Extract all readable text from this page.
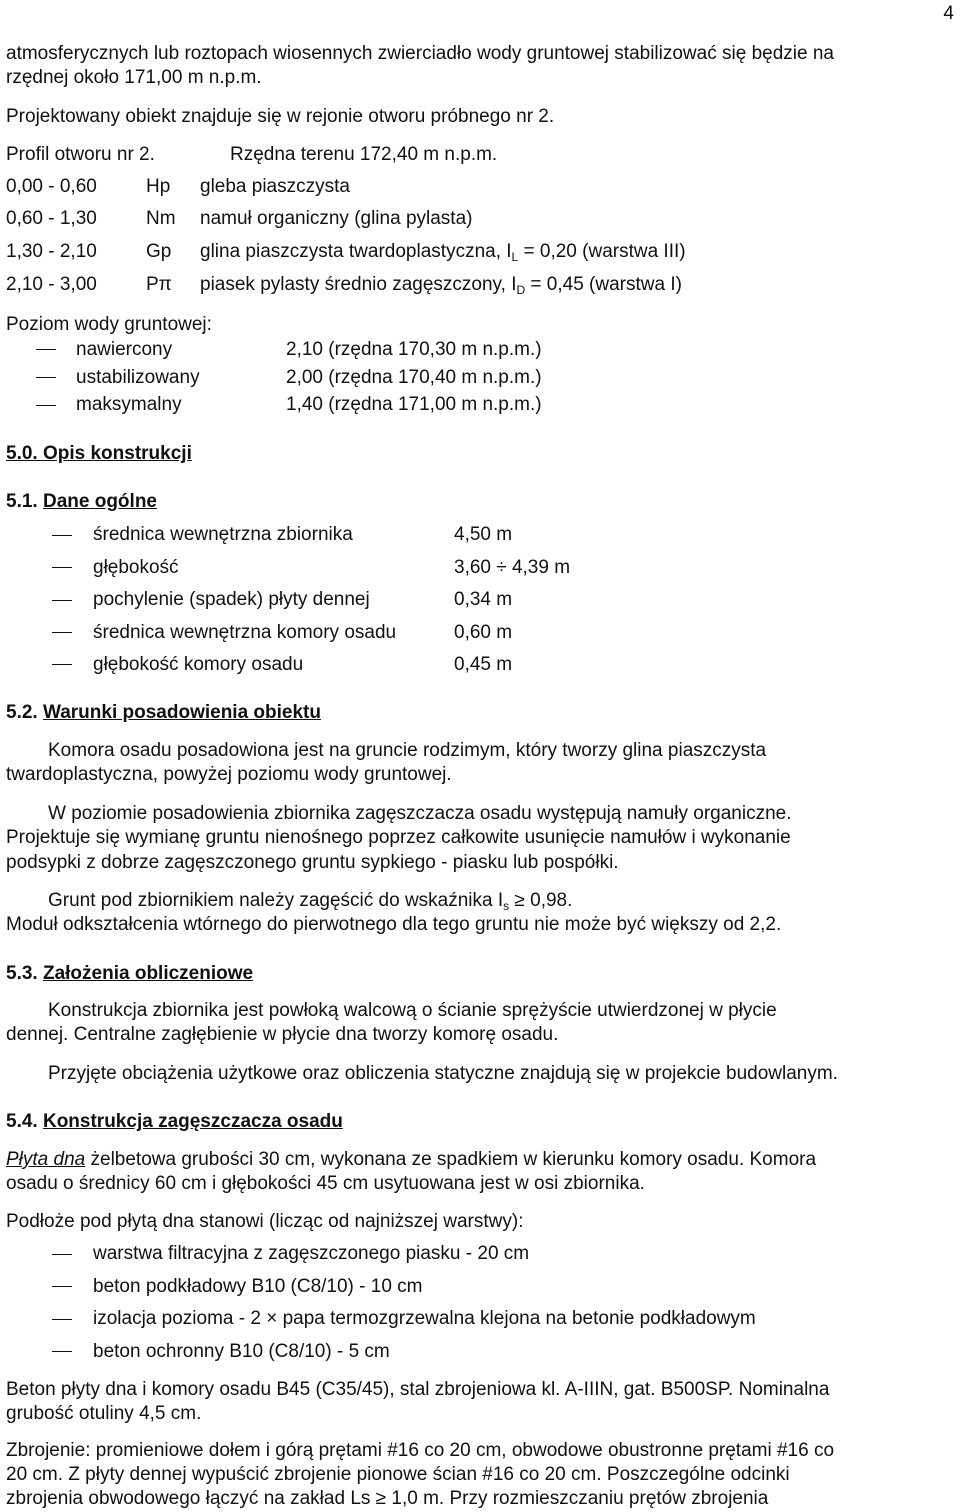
4
atmosferycznych lub roztopach wiosennych zwierciadło wody gruntowej stabilizować się będzie na
rzędnej około 171,00 m n.p.m.
Projektowany obiekt znajduje się w rejonie otworu próbnego nr 2.
Profil otworu nr 2.	Rzędna terenu 172,40 m n.p.m.
0,00 - 0,60	Hp gleba piaszczysta
0,60 - 1,30	Nm namuł organiczny (glina pylasta)
1,30 - 2,10	Gp glina piaszczysta twardoplastyczna, $I_L = 0,20$ (warstwa III)
2,10 - 3,00	Pπ piasek pylasty średnio zagęszczony, $I_D = 0,45$ (warstwa I)
Poziom wody gruntowej:
nawiercony	2,10 (rzędna 170,30 m n.p.m.)
ustabilizowany	2,00 (rzędna 170,40 m n.p.m.)
maksymalny	1,40 (rzędna 171,00 m n.p.m.)
5.0. Opis konstrukcji
5.1. Dane ogólne
średnica wewnętrzna zbiornika	4,50 m
głębokość	3,60 ÷ 4,39 m
pochylenie (spadek) płyty dennej	0,34 m
średnica wewnętrzna komory osadu	0,60 m
głębokość komory osadu	0,45 m
5.2. Warunki posadowienia obiektu
Komora osadu posadowiona jest na gruncie rodzimym, który tworzy glina piaszczysta
twardoplastyczna, powyżej poziomu wody gruntowej.
W poziomie posadowienia zbiornika zagęszczacza osadu występują namuły organiczne.
Projektuje się wymianę gruntu nienośnego poprzez całkowite usunięcie namułów i wykonanie
podsypki z dobrze zagęszczonego gruntu sypkiego - piasku lub pospółki.
Grunt pod zbiornikiem należy zagęścić do wskaźnika $I_s \ge 0,98$.
Moduł odkształcenia wtórnego do pierwotnego dla tego gruntu nie może być większy od 2,2.
5.3. Założenia obliczeniowe
Konstrukcja zbiornika jest powłoką walcową o ścianie sprężyście utwierdzonej w płycie
dennej. Centralne zagłębienie w płycie dna tworzy komorę osadu.
Przyjęte obciążenia użytkowe oraz obliczenia statyczne znajdują się w projekcie budowlanym.
5.4. Konstrukcja zagęszczacza osadu
Płyta dna żelbetowa grubości 30 cm, wykonana ze spadkiem w kierunku komory osadu. Komora
osadu o średnicy 60 cm i głębokości 45 cm usytuowana jest w osi zbiornika.
Podłoże pod płytą dna stanowi (licząc od najniższej warstwy):
warstwa filtracyjna z zagęszczonego piasku - 20 cm
beton podkładowy B10 (C8/10) - 10 cm
izolacja pozioma - 2 × papa termozgrzewalna klejona na betonie podkładowym
beton ochronny B10 (C8/10) - 5 cm
Beton płyty dna i komory osadu B45 (C35/45), stal zbrojeniowa kl. A-IIIN, gat. B500SP. Nominalna
grubość otuliny 4,5 cm.
Zbrojenie: promieniowe dołem i górą prętami #16 co 20 cm, obwodowe obustronne prętami #16 co
20 cm. Z płyty dennej wypuścić zbrojenie pionowe ścian #16 co 20 cm. Poszczególne odcinki
zbrojenia obwodowego łączyć na zakład Ls ≥ 1,0 m. Przy rozmieszczaniu prętów zbrojenia
